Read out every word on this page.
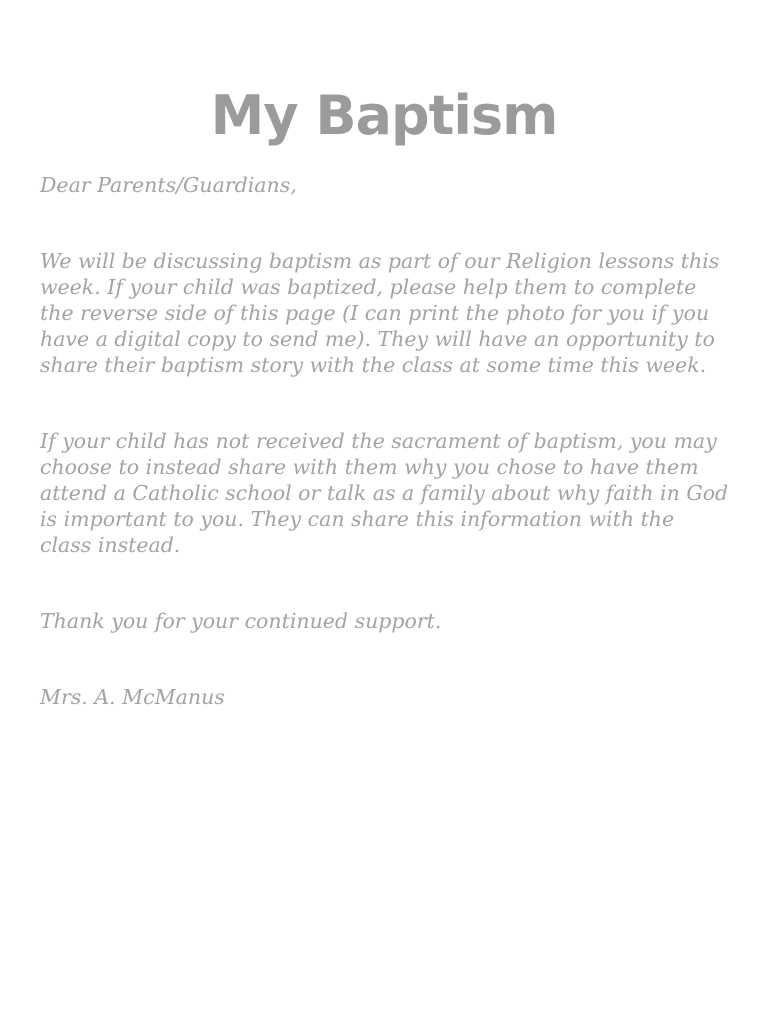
My Baptism

Dear Parents/Guardians,

We will be discussing baptism as part of our Religion lessons this week. If your child was baptized, please help them to complete the reverse side of this page (I can print the photo for you if you have a digital copy to send me). They will have an opportunity to share their baptism story with the class at some time this week.

If your child has not received the sacrament of baptism, you may choose to instead share with them why you chose to have them attend a Catholic school or talk as a family about why faith in God is important to you. They can share this information with the class instead.

Thank you for your continued support.

Mrs. A. McManus
